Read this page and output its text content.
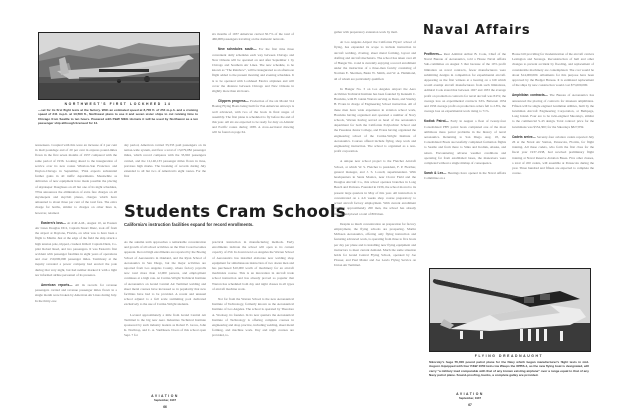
NORTHWEST'S FIRST LOCKHEED 14
—set for its first flight tests at the factory. With an estimated speed at 8,700 ft. of 254 m.p.h. and a cruising speed of 241 m.p.h. at 13,500 ft., Northwest plans to use it and seven sister ships to cut running time to Chicago from Seattle to ten hours. Powered with P&W SIEG Hornets it will be used by Northwest as a ten passenger ship although licensed for 14.

six months of 1937 American carried 30.7% of the total of 466,068 passengers traveling on the domestic network.

New schedules south— For the first time three convenient daily schedules each way between Chicago and New Orleans will be operated on and after September 1 by Chicago and Southern Air Lines. The new schedule, to be known as "The Rainbow", will be inaugurated as an afternoon flight added to the present morning and evening schedules. It is to be operated with Lockheed Electra airplanes and will cover the distance between Chicago and New Orleans in slightly more than six hours.

Clippers progress— Production of the six Model 314 Boeing Flying Boats being built for Pan American Airways is well advanced, with two of the boats in final stages of assembly. The first plane is scheduled to fly before the end of this year. All six are expected to be ready for duty on Atlantic and Pacific routes during 1938. A cross-sectional drawing will be found on page 64.

nonsensers. Coupled with this were an increase of 2 per cent in mail poundage and of 20 per cent in express pound-miles flown in the first seven months of 1937 compared with the same period of 1936. Looking ahead to the inauguration of service over its new routes Winslow-San Francisco and Dayton-Chicago in September, TWA expects substantial further gains in all traffic departments. Meanwhile as deliveries of new equipment have made possible the placing of skysleeper Douglases on all but one of its night schedules, TWA announces the elimination of extra fare charges on all skysleepers and skyclub planes, charges which have amounted to about three per cent of the total fare. The extra charge for berths, similar to charges on other lines is, however, retained.

Eastern's loss— At 4:40 A.M., August 10, an Eastern Air Lines Douglas DC2, Captain Stuart Dietz, took off from the airport at Daytona, Florida, on what was to have been a flight to Miami. Just at the edge of the field the ship struck a high tension pole, tripped, crashed. Killed: Captain Dietz, Co-pilot Robert Reed, and two passengers. It was Eastern's first accident with passenger fatalities in eight years of operations and over 150,000,000 passenger miles. Testimony at the inquiry revealed a power company had erected the pole during that very night, but had neither marked it with a light nor informed airline personnel of its presence.

American reports— All its records for revenue passengers carried and revenue passenger miles flown in a single month were broken by American Air Lines during July. In the thirty-one

day period, American carried 33,333 paid passengers on its nation-wide system, and flew a total of 13,079,082 passenger miles, which record compares with the 33,902 passengers carried, and the 12,140,133 passenger miles flown in June, previous high marks. The breaking of records during July extended to all but two of American's eight routes. For the first

Students Cram Schools
California's instruction facilities expand for record enrollments.

As the autumn term approaches a remarkable concentration and growth of all school activities on the West Coast becomes apparent. Record high enrollments are reported by the Boeing School of Aeronautics in Oakland, and the Ryan School of Aeronautics in San Diego, but the major activities are reported from Los Angeles County, where factory payrolls now total more than 12,000 persons, and employment continues at a high rate. At Curtiss-Wright Technical Institute of Aeronautics on Grand Central Air Terminal welding and sheet metal courses have increased so in popularity that new facilities have had to be provided. A recent and unusual school adjunct is a full scale swimming pool dedicated exclusively to the use of Curtiss-Wright students.

Located approximately a mile from Grand Central Air Terminal is the big new Aero Industries Technical Institute sponsored by such industry leaders as Robert E. Gross, John K. Northrop, and C. A. VanDusen. Doors of this school open Sept. 7 for

practical instruction in manufacturing methods. Early enrollments indicate the school will open to its current capacity of 250. In downtown Los Angeles the Warren School of Aeronautics has installed elaborate new welding shop equipment for simultaneous instruction of two dozen men and has purchased $10,000 worth of machinery for an aircraft machinists course. This is an innovation in aircraft trade school instruction and has already proved so popular that Warren has scheduled both day and night classes in all types of aircraft machine work.

Not far from the Warren School is the new Aeronautical Institute of Technology, formerly known as the Aeronautical Institute of Los Angeles. The school is operated by Theodore A. Woolsey, its founder. In its new quarters the Aeronautical Institute of Technology is offering complete courses in engineering and shop practice, including welding, sheet metal forming, and machine work. Day and night courses are provided, to-

AVIATION
September, 1937
66

gether with preparatory extension work by mail.

At Los Angeles Airport the California Flyers' school of flying, has expanded its scope to include instruction in aircraft welding, riveting, sheet metal forming, layout and drafting and aircraft mechanics. The school has taken over all of Hangar No. 4 and is currently enjoying a record enrollment under the instruction of a three-man faculty consisting of Norman E. Sherman, Basin W. Smith, and W. A. Hammond, all of whom are particularly qualified.

In Hangar No. 3 on Los Angeles Airport the Aero Activities Technical Institute has been founded by Kenneth C. Hawkins, with H. Glenn Warren serving as Dean, and Stanley H. Evans in charge of Engineering School instruction. All of these men have wide experience in aviation school work, Hawkins having organized and operated a number of Navy schools, Warren having served as head of the aeronautics department for both the California Polytechnic School and the Pasadena Junior College, and Evans having organized the engineering school of the Curtiss-Wright Institute of Aeronautics. Courses offered include flying, shop work and engineering instruction. The school is organized as a non-profit corporation.

A unique new school project is the Fletcher Aircraft School, at which W. S. Fletcher is president, F. P. Fletcher, general manager, and J. S. Lowell, superintendent. With headquarters in Santa Monica, near Clover Field and the Douglas Aircraft Co., this school operates branches in Long Beach and Pomona. Founded in 1936, the school moved to its present large quarters in May of this year. All instruction is concentrated on a 4-6 weeks shop course preparatory to actual aircraft factory employment. With current enrollment totalling approximately 200 men, the school has already trained and placed a total of 800 men.

Despite so much concentration on preparation for factory employment, the flying schools are prospering. Martin McKeen Aeronautics, offering only flying instruction and featuring advanced work, is operating from three to five boats per day per plane and is installing new flying equipment and instructors to meet current demand. Much the same situation holds for Grand Central Flying School, operated by Joe Plosser, and Paul Mantz and Joe Lewis Flying Service on Union Air Terminal.

Naval Affairs

Profiteers— Rear Admiral Arthur B. Cook, Chief of the Naval Bureau of Aeronautics, told a House Naval Affairs Sub-committee on August 3 that because of the 10% profit limitation on naval contracts, fewer manufacturers were submitting designs in competition for experimental aircraft. Appearing as the first witness at a hearing on a bill which would exempt aircraft manufacturers from such limitations, Admiral Cook stated that between 1927 and 1933 the average profit on production contracts for naval aircraft was 8.9%; the average loss on experimental contracts 34%. Between 1934 and 1936 average profit on production orders fell to 2.8%, the average loss on experimental work rising to 71%.

Kodiak Patrol— Early in August a fleet of twenty-four Consolidated PBY patrol boats completed one of the most ambitious mass patrol problems in the history of naval aeronautics. Returning to San Diego Aug. 18, the Consolidated Boats successfully completed formation flights to Seattle and from there to Sitka and Kodiak, Alaska, and return. Encountering adverse weather conditions and operating far from established bases, the maneuvers were completed without a single mishap of consequence.

Sarah & Lex— Hearings have opened in the Naval Affairs Committee on a

House bill providing for modernization of the aircraft carriers Lexington and Saratoga. Reconstruction of hull and other changes to prevent accident by flooding, and replacement of considerable machinery are contemplated. The cost would be about $14,000,000. Allotments for this purpose have been approved by the Budget Bureau. It is estimated replacement of the ships by new construction would cost $75,000,000.

Amphibian contracts— The Bureau of Aeronautics has announced the placing of contracts for nineteen amphibians. Fifteen will be single engined Grumman utilities, built by the Grumman Aircraft Engineering Corporation, at Bethpage, Long Island. Four are to be twin-engined Sikorskys, similar to the commercial S-43 design. Total contract price for the Grummans was $554,300; for the Sikorskys $827,859.

Cadets arrive— Seventy-four aviation cadets reported July 26 at the Naval Air Station, Pensacola, Florida, for flight training. All these cadets, who form the first class for the fiscal year 1937-1938, had received preliminary flight training at Naval Reserve Aviation Bases. Five other classes, a total of 450 cadets, will assemble at Pensacola during the year. Three hundred and fifteen are expected to complete the course.

FLYING DREADNAUGHT
Sikorsky's huge 55,000 pound patrol plane for the Navy which began manufacturer's flight tests in mid-August. Equipped with four P&W 1050 twin-row Wasps the XPBS-1, as the new flying boat is designated, will carry "a military load comparable with that of any known existing airplane" over a range equal to that of any Navy patrol plane. Sound-proofing, bunks, a complete galley are provided.
AVIATION
September, 1937
67
